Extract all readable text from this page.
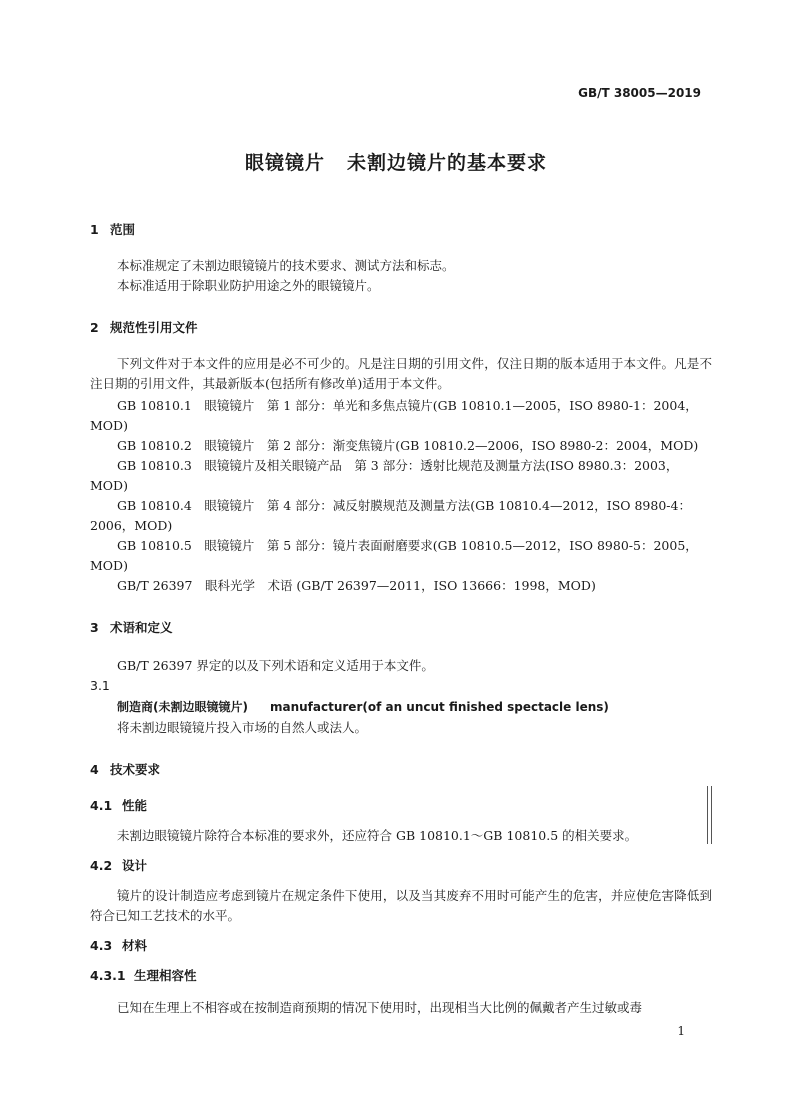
GB/T 38005—2019
眼镜镜片 未割边镜片的基本要求
1 范围
本标准规定了未割边眼镜镜片的技术要求、测试方法和标志。
本标准适用于除职业防护用途之外的眼镜镜片。
2 规范性引用文件
下列文件对于本文件的应用是必不可少的。凡是注日期的引用文件，仅注日期的版本适用于本文件。凡是不注日期的引用文件，其最新版本(包括所有修改单)适用于本文件。
GB 10810.1　眼镜镜片　第 1 部分：单光和多焦点镜片(GB 10810.1—2005，ISO 8980-1：2004，
MOD)
GB 10810.2　眼镜镜片　第 2 部分：渐变焦镜片(GB 10810.2—2006，ISO 8980-2：2004，MOD)
GB 10810.3　眼镜镜片及相关眼镜产品　第 3 部分：透射比规范及测量方法(ISO 8980.3：2003，
MOD)
GB 10810.4　眼镜镜片　第 4 部分：减反射膜规范及测量方法(GB 10810.4—2012，ISO 8980-4：
2006，MOD)
GB 10810.5　眼镜镜片　第 5 部分：镜片表面耐磨要求(GB 10810.5—2012，ISO 8980-5：2005，
MOD)
GB/T 26397　眼科光学　术语 (GB/T 26397—2011，ISO 13666：1998，MOD)
3 术语和定义
GB/T 26397 界定的以及下列术语和定义适用于本文件。
3.1
制造商(未割边眼镜镜片) manufacturer(of an uncut finished spectacle lens)
将未割边眼镜镜片投入市场的自然人或法人。
4 技术要求
4.1 性能
未割边眼镜镜片除符合本标准的要求外，还应符合 GB 10810.1～GB 10810.5 的相关要求。
4.2 设计
镜片的设计制造应考虑到镜片在规定条件下使用，以及当其废弃不用时可能产生的危害，并应使危害降低到符合已知工艺技术的水平。
4.3 材料
4.3.1 生理相容性
已知在生理上不相容或在按制造商预期的情况下使用时，出现相当大比例的佩戴者产生过敏或毒
1
